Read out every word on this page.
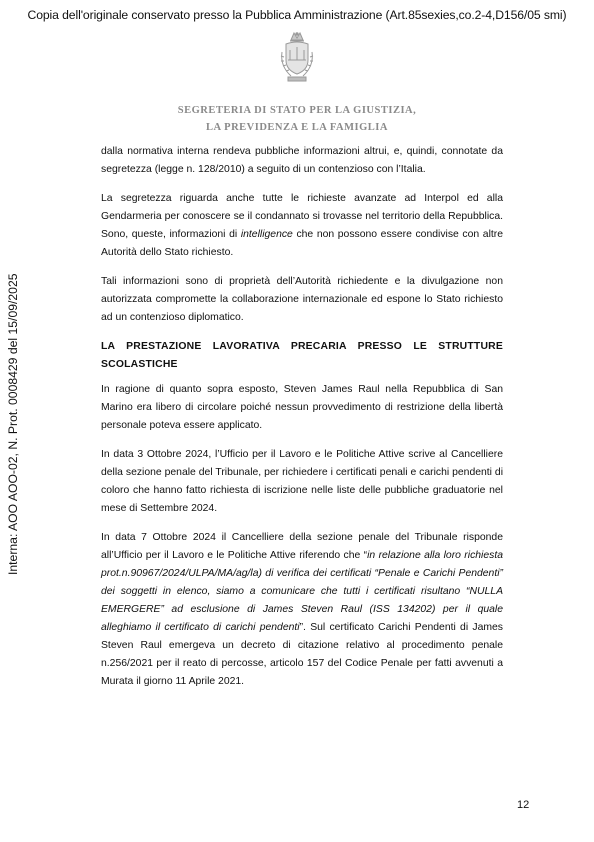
Copia dell'originale conservato presso la Pubblica Amministrazione (Art.85sexies,co.2-4,D156/05 smi)
Interna: AOO AOO-02, N. Prot. 0008429 del 15/09/2025
SEGRETERIA DI STATO PER LA GIUSTIZIA,
LA PREVIDENZA E LA FAMIGLIA

dalla normativa interna rendeva pubbliche informazioni altrui, e, quindi, connotate da segretezza (legge n. 128/2010) a seguito di un contenzioso con l’Italia.

La segretezza riguarda anche tutte le richieste avanzate ad Interpol ed alla Gendarmeria per conoscere se il condannato si trovasse nel territorio della Repubblica. Sono, queste, informazioni di intelligence che non possono essere condivise con altre Autorità dello Stato richiesto.

Tali informazioni sono di proprietà dell’Autorità richiedente e la divulgazione non autorizzata compromette la collaborazione internazionale ed espone lo Stato richiesto ad un contenzioso diplomatico.

LA PRESTAZIONE LAVORATIVA PRECARIA PRESSO LE STRUTTURE SCOLASTICHE

In ragione di quanto sopra esposto, Steven James Raul nella Repubblica di San Marino era libero di circolare poiché nessun provvedimento di restrizione della libertà personale poteva essere applicato.

In data 3 Ottobre 2024, l’Ufficio per il Lavoro e le Politiche Attive scrive al Cancelliere della sezione penale del Tribunale, per richiedere i certificati penali e carichi pendenti di coloro che hanno fatto richiesta di iscrizione nelle liste delle pubbliche graduatorie nel mese di Settembre 2024.

In data 7 Ottobre 2024 il Cancelliere della sezione penale del Tribunale risponde all’Ufficio per il Lavoro e le Politiche Attive riferendo che “in relazione alla loro richiesta prot.n.90967/2024/ULPA/MA/ag/la) di verifica dei certificati “Penale e Carichi Pendenti” dei soggetti in elenco, siamo a comunicare che tutti i certificati risultano “NULLA EMERGERE” ad esclusione di James Steven Raul (ISS 134202) per il quale alleghiamo il certificato di carichi pendenti”. Sul certificato Carichi Pendenti di James Steven Raul emergeva un decreto di citazione relativo al procedimento penale n.256/2021 per il reato di percosse, articolo 157 del Codice Penale per fatti avvenuti a Murata il giorno 11 Aprile 2021.

12
